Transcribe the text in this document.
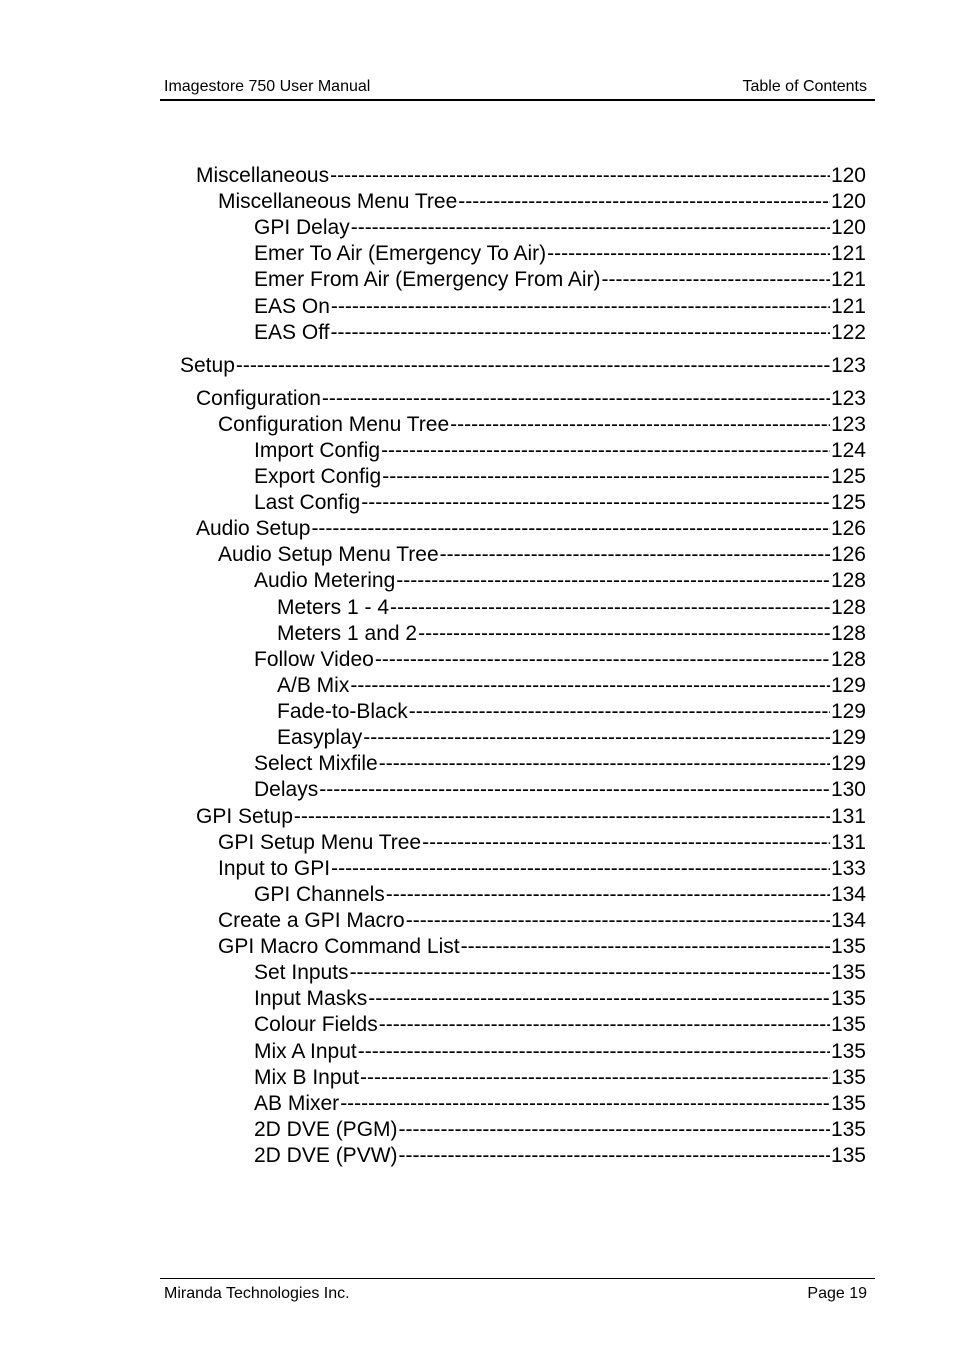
Imagestore 750 User Manual	Table of Contents
Miscellaneous -----	120
Miscellaneous Menu Tree -----	120
GPI Delay -----	120
Emer To Air (Emergency To Air) -----	121
Emer From Air (Emergency From Air) -----	121
EAS On -----	121
EAS Off -----	122
Setup -----	123
Configuration -----	123
Configuration Menu Tree -----	123
Import Config -----	124
Export Config -----	125
Last Config -----	125
Audio Setup -----	126
Audio Setup Menu Tree -----	126
Audio Metering -----	128
Meters 1 - 4 -----	128
Meters 1 and 2 -----	128
Follow Video -----	128
A/B Mix -----	129
Fade-to-Black -----	129
Easyplay -----	129
Select Mixfile -----	129
Delays -----	130
GPI Setup -----	131
GPI Setup Menu Tree -----	131
Input to GPI -----	133
GPI Channels -----	134
Create a GPI Macro -----	134
GPI Macro Command List -----	135
Set Inputs -----	135
Input Masks -----	135
Colour Fields -----	135
Mix A Input -----	135
Mix B Input -----	135
AB Mixer -----	135
2D DVE (PGM) -----	135
2D DVE (PVW) -----	135
Miranda Technologies Inc.	Page 19
